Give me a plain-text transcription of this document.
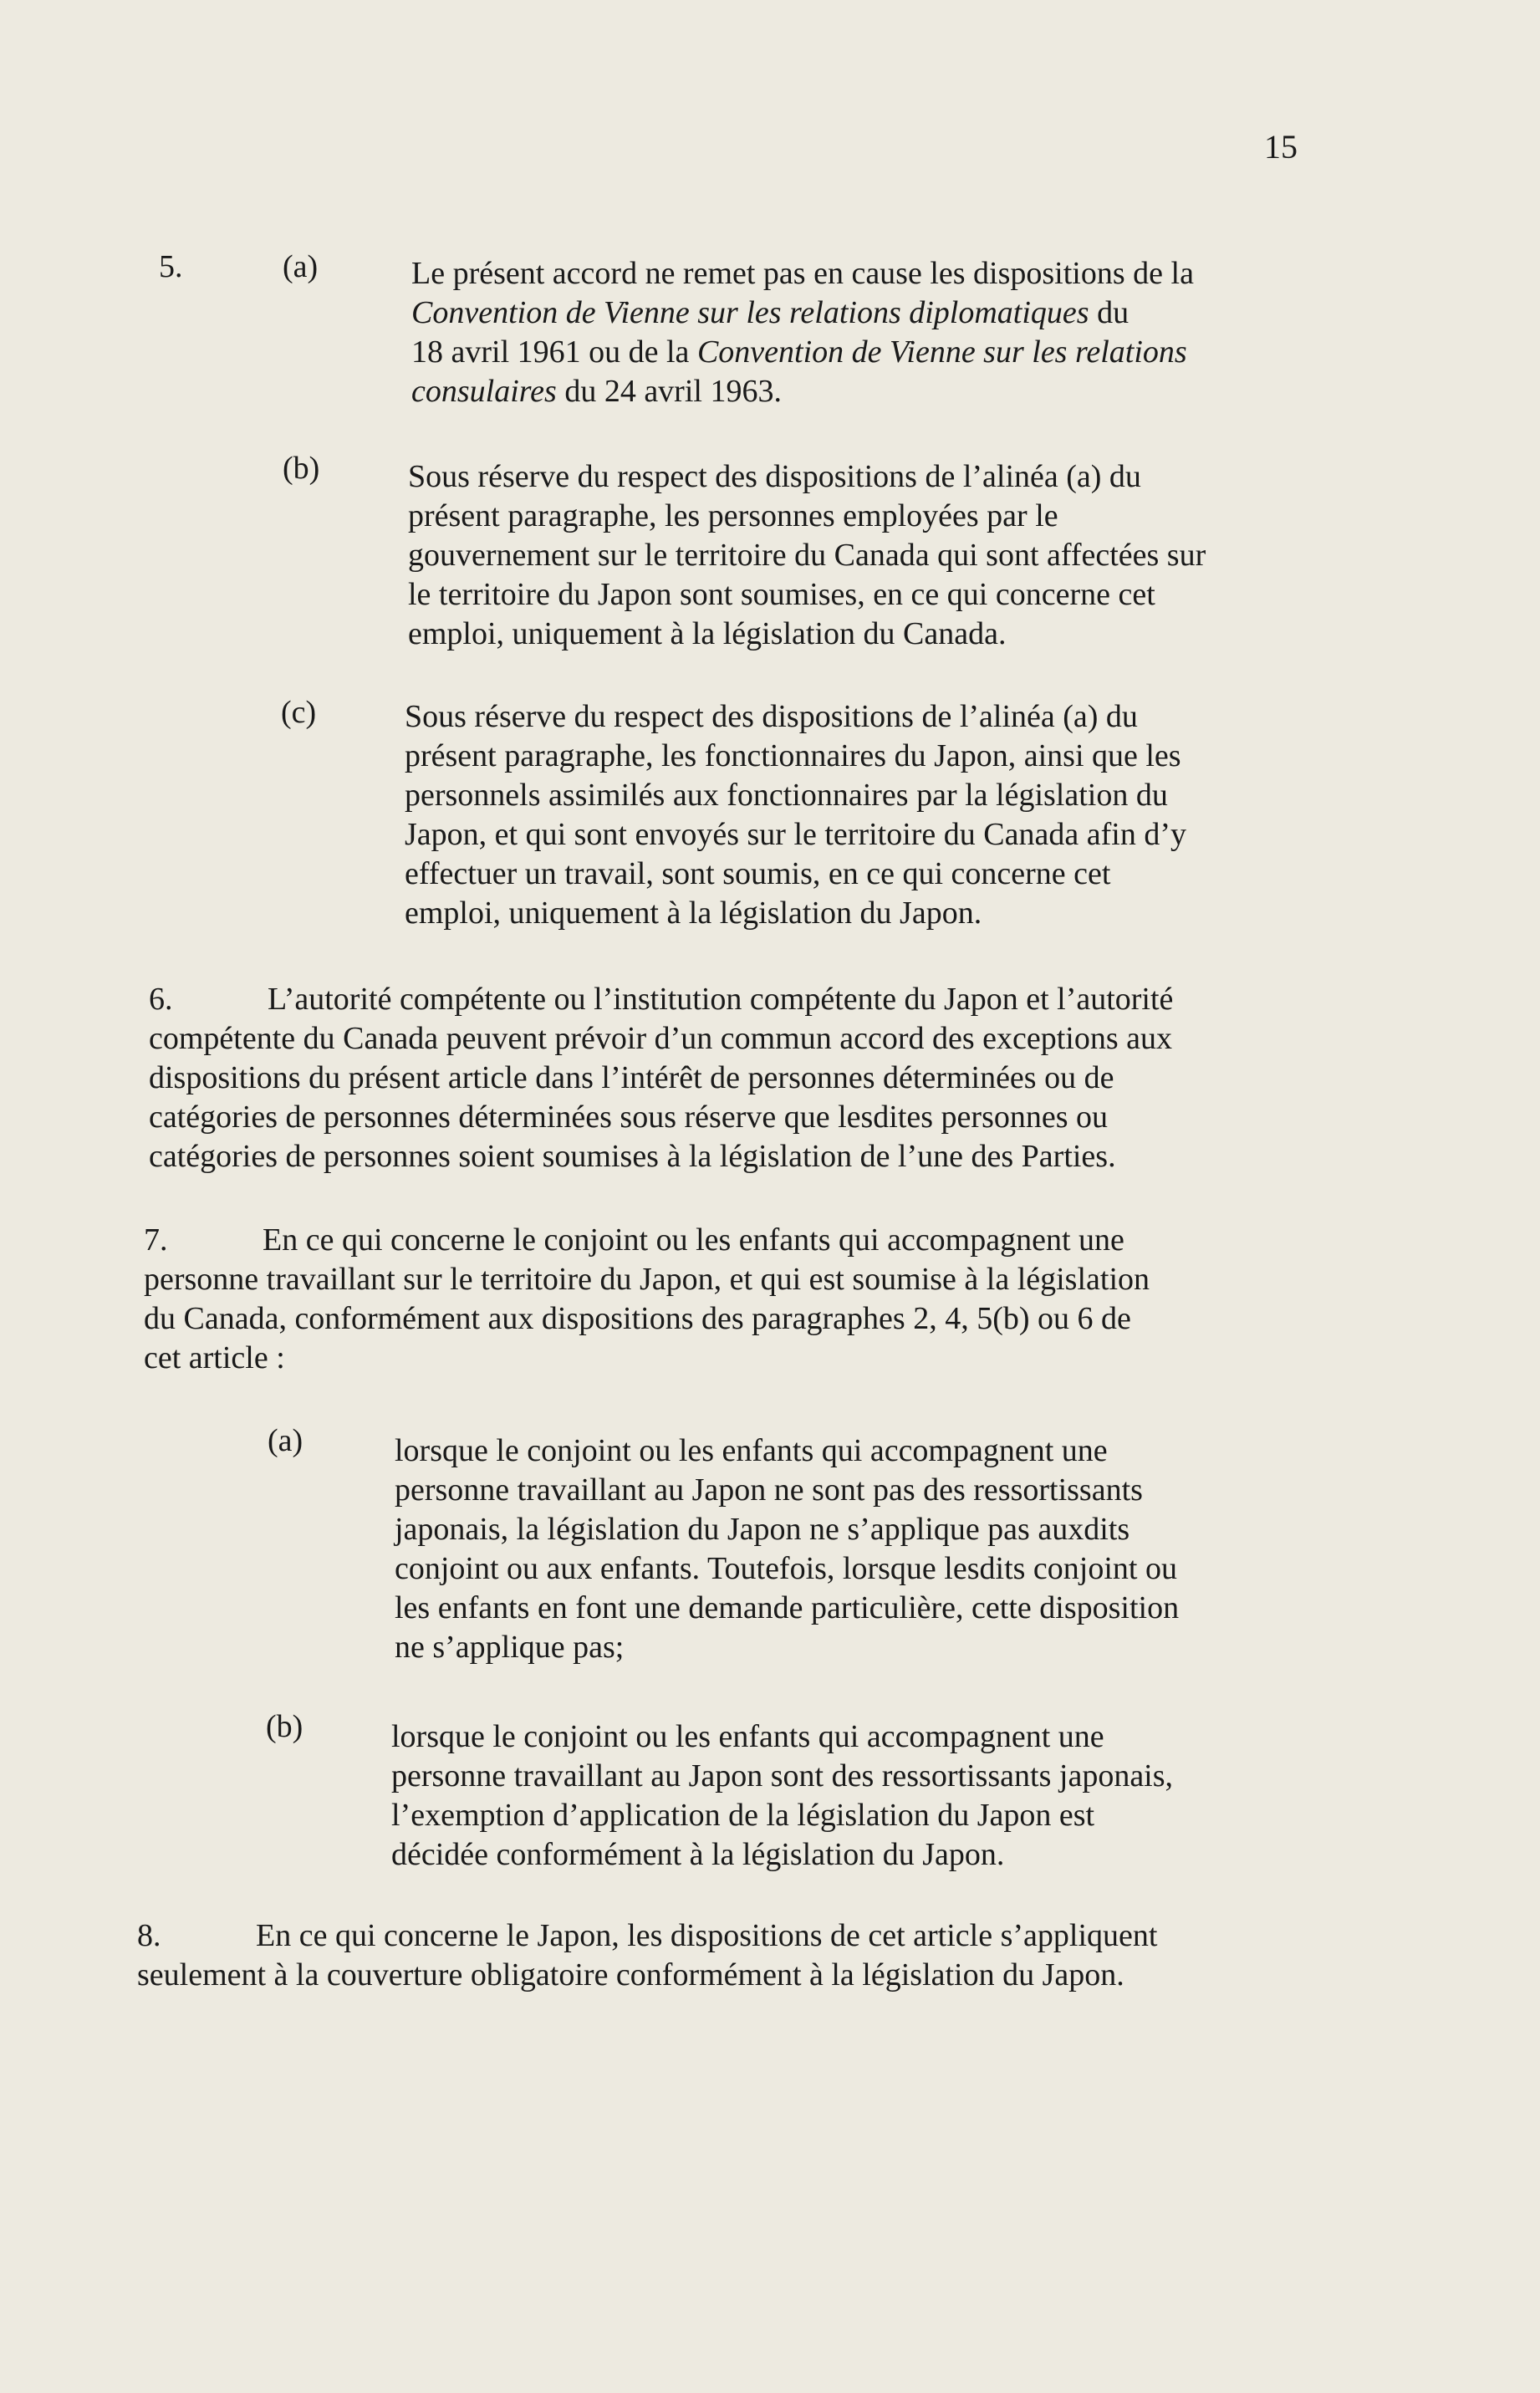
15
5.	(a)	Le présent accord ne remet pas en cause les dispositions de la

Convention de Vienne sur les relations diplomatiques du

18 avril 1961 ou de la Convention de Vienne sur les relations

consulaires du 24 avril 1963.

(b)	Sous réserve du respect des dispositions de l’alinéa (a) du

présent paragraphe, les personnes employées par le

gouvernement sur le territoire du Canada qui sont affectées sur

le territoire du Japon sont soumises, en ce qui concerne cet

emploi, uniquement à la législation du Canada.

(c)	Sous réserve du respect des dispositions de l’alinéa (a) du

présent paragraphe, les fonctionnaires du Japon, ainsi que les

personnels assimilés aux fonctionnaires par la législation du

Japon, et qui sont envoyés sur le territoire du Canada afin d’y

effectuer un travail, sont soumis, en ce qui concerne cet

emploi, uniquement à la législation du Japon.

6.	L’autorité compétente ou l’institution compétente du Japon et l’autorité

compétente du Canada peuvent prévoir d’un commun accord des exceptions aux

dispositions du présent article dans l’intérêt de personnes déterminées ou de

catégories de personnes déterminées sous réserve que lesdites personnes ou

catégories de personnes soient soumises à la législation de l’une des Parties.

7.	En ce qui concerne le conjoint ou les enfants qui accompagnent une

personne travaillant sur le territoire du Japon, et qui est soumise à la législation

du Canada, conformément aux dispositions des paragraphes 2, 4, 5(b) ou 6 de

cet article :

(a)	lorsque le conjoint ou les enfants qui accompagnent une

personne travaillant au Japon ne sont pas des ressortissants

japonais, la législation du Japon ne s’applique pas auxdits

conjoint ou aux enfants. Toutefois, lorsque lesdits conjoint ou

les enfants en font une demande particulière, cette disposition

ne s’applique pas;

(b)	lorsque le conjoint ou les enfants qui accompagnent une

personne travaillant au Japon sont des ressortissants japonais,

l’exemption d’application de la législation du Japon est

décidée conformément à la législation du Japon.

8.	En ce qui concerne le Japon, les dispositions de cet article s’appliquent

seulement à la couverture obligatoire conformément à la législation du Japon.
